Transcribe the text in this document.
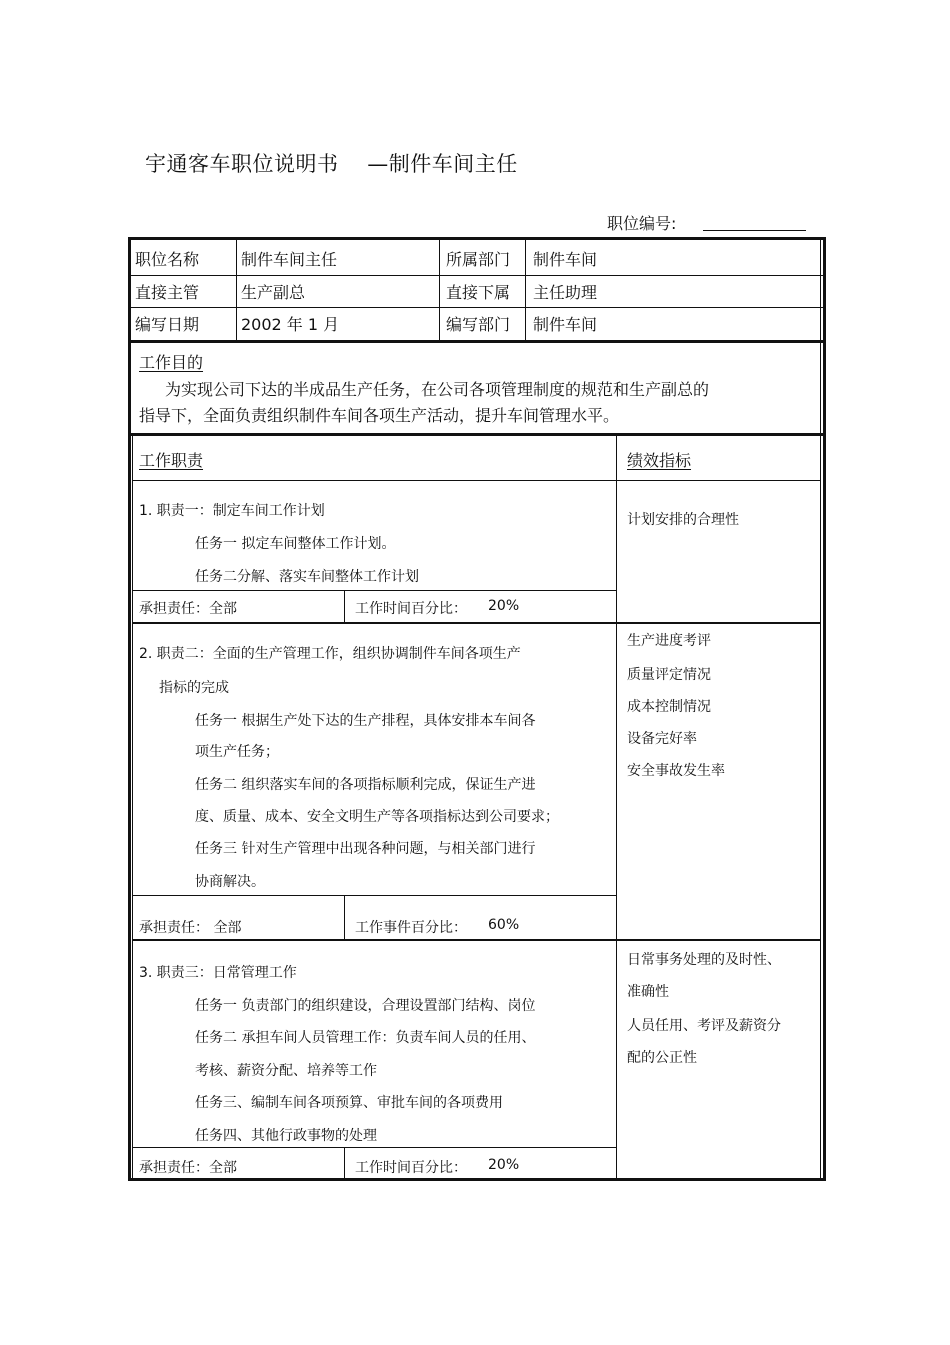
宇通客车职位说明书    —制件车间主任
职位编号:
职位名称	制件车间主任	所属部门 制件车间
直接主管	生产副总	直接下属 主任助理
编写日期	2002 年 1 月	编写部门 制件车间
工作目的
为实现公司下达的半成品生产任务，在公司各项管理制度的规范和生产副总的
指导下，全面负责组织制件车间各项生产活动，提升车间管理水平。
工作职责	绩效指标
1. 职责一：制定车间工作计划
任务一 拟定车间整体工作计划。
任务二分解、落实车间整体工作计划
承担责任：全部	工作时间百分比： 20%
计划安排的合理性
2. 职责二：全面的生产管理工作，组织协调制件车间各项生产
指标的完成
任务一 根据生产处下达的生产排程，具体安排本车间各
项生产任务；
任务二 组织落实车间的各项指标顺利完成，保证生产进
度、质量、成本、安全文明生产等各项指标达到公司要求；
任务三 针对生产管理中出现各种问题，与相关部门进行
协商解决。
承担责任： 全部	工作事件百分比： 60%
生产进度考评
质量评定情况
成本控制情况
设备完好率
安全事故发生率
3. 职责三：日常管理工作
任务一 负责部门的组织建设，合理设置部门结构、岗位
任务二 承担车间人员管理工作：负责车间人员的任用、
考核、薪资分配、培养等工作
任务三、编制车间各项预算、审批车间的各项费用
任务四、其他行政事物的处理
承担责任：全部	工作时间百分比： 20%
日常事务处理的及时性、
准确性
人员任用、考评及薪资分
配的公正性
